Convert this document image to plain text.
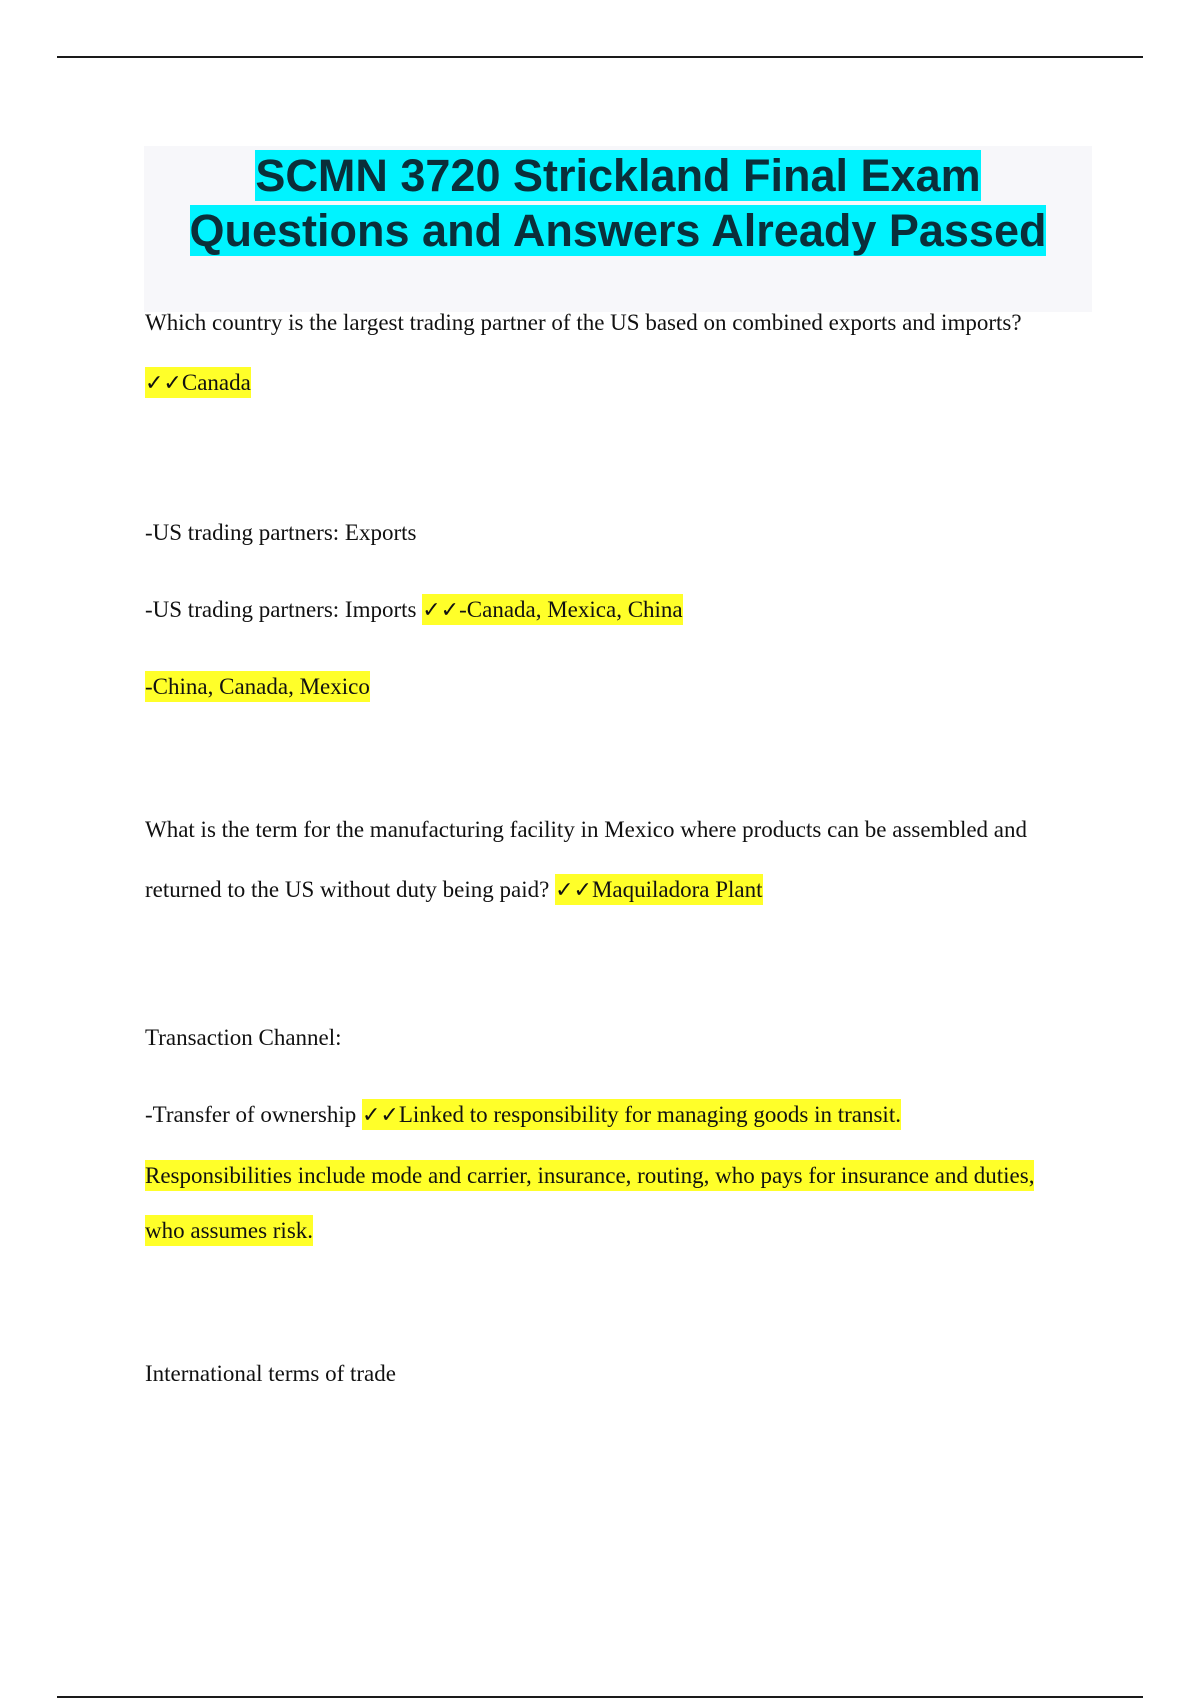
SCMN 3720 Strickland Final Exam
Questions and Answers Already Passed
Which country is the largest trading partner of the US based on combined exports and imports?
✓✓Canada
-US trading partners: Exports
-US trading partners: Imports ✓✓-Canada, Mexica, China
-China, Canada, Mexico
What is the term for the manufacturing facility in Mexico where products can be assembled and
returned to the US without duty being paid? ✓✓Maquiladora Plant
Transaction Channel:
-Transfer of ownership ✓✓Linked to responsibility for managing goods in transit.
Responsibilities include mode and carrier, insurance, routing, who pays for insurance and duties,
who assumes risk.
International terms of trade
